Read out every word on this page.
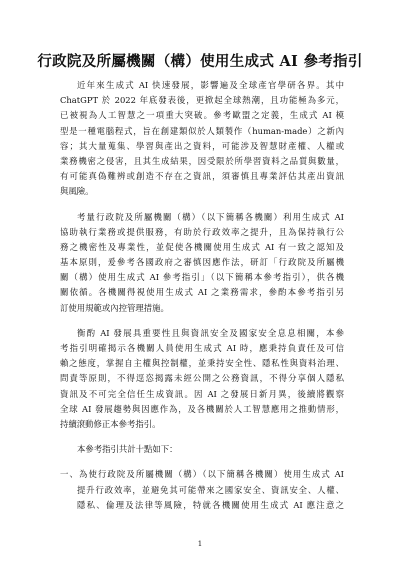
行政院及所屬機關（構）使用生成式 AI 參考指引
近年來生成式 AI 快速發展，影響遍及全球產官學研各界。其中
ChatGPT 於 2022 年底發表後，更掀起全球熱潮，且功能極為多元，
已被視為人工智慧之一項重大突破。參考歐盟之定義，生成式 AI 模
型是一種電腦程式，旨在創建類似於人類製作（human-made）之新內
容；其大量蒐集、學習與產出之資料，可能涉及智慧財產權、人權或
業務機密之侵害，且其生成結果，因受限於所學習資料之品質與數量，
有可能真偽難辨或創造不存在之資訊，須審慎且專業評估其產出資訊
與風險。
考量行政院及所屬機關（構）（以下簡稱各機關）利用生成式 AI
協助執行業務或提供服務，有助於行政效率之提升，且為保持執行公
務之機密性及專業性，並促使各機關使用生成式 AI 有一致之認知及
基本原則，爰參考各國政府之審慎因應作法，研訂「行政院及所屬機
關（構）使用生成式 AI 參考指引」（以下簡稱本參考指引），供各機
關依循。各機關得視使用生成式 AI 之業務需求，參酌本參考指引另
訂使用規範或內控管理措施。
衡酌 AI 發展具重要性且與資訊安全及國家安全息息相關，本參
考指引明確揭示各機關人員使用生成式 AI 時，應秉持負責任及可信
賴之態度，掌握自主權與控制權，並秉持安全性、隱私性與資料治理、
問責等原則，不得逕恣揭露未經公開之公務資訊，不得分享個人隱私
資訊及不可完全信任生成資訊。因 AI 之發展日新月異，後續將觀察
全球 AI 發展趨勢與因應作為，及各機關於人工智慧應用之推動情形，
持續滾動修正本參考指引。
本參考指引共計十點如下：
一、為使行政院及所屬機關（構）（以下簡稱各機關）使用生成式 AI
提升行政效率，並避免其可能帶來之國家安全、資訊安全、人權、
隱私、倫理及法律等風險，特就各機關使用生成式 AI 應注意之
1
